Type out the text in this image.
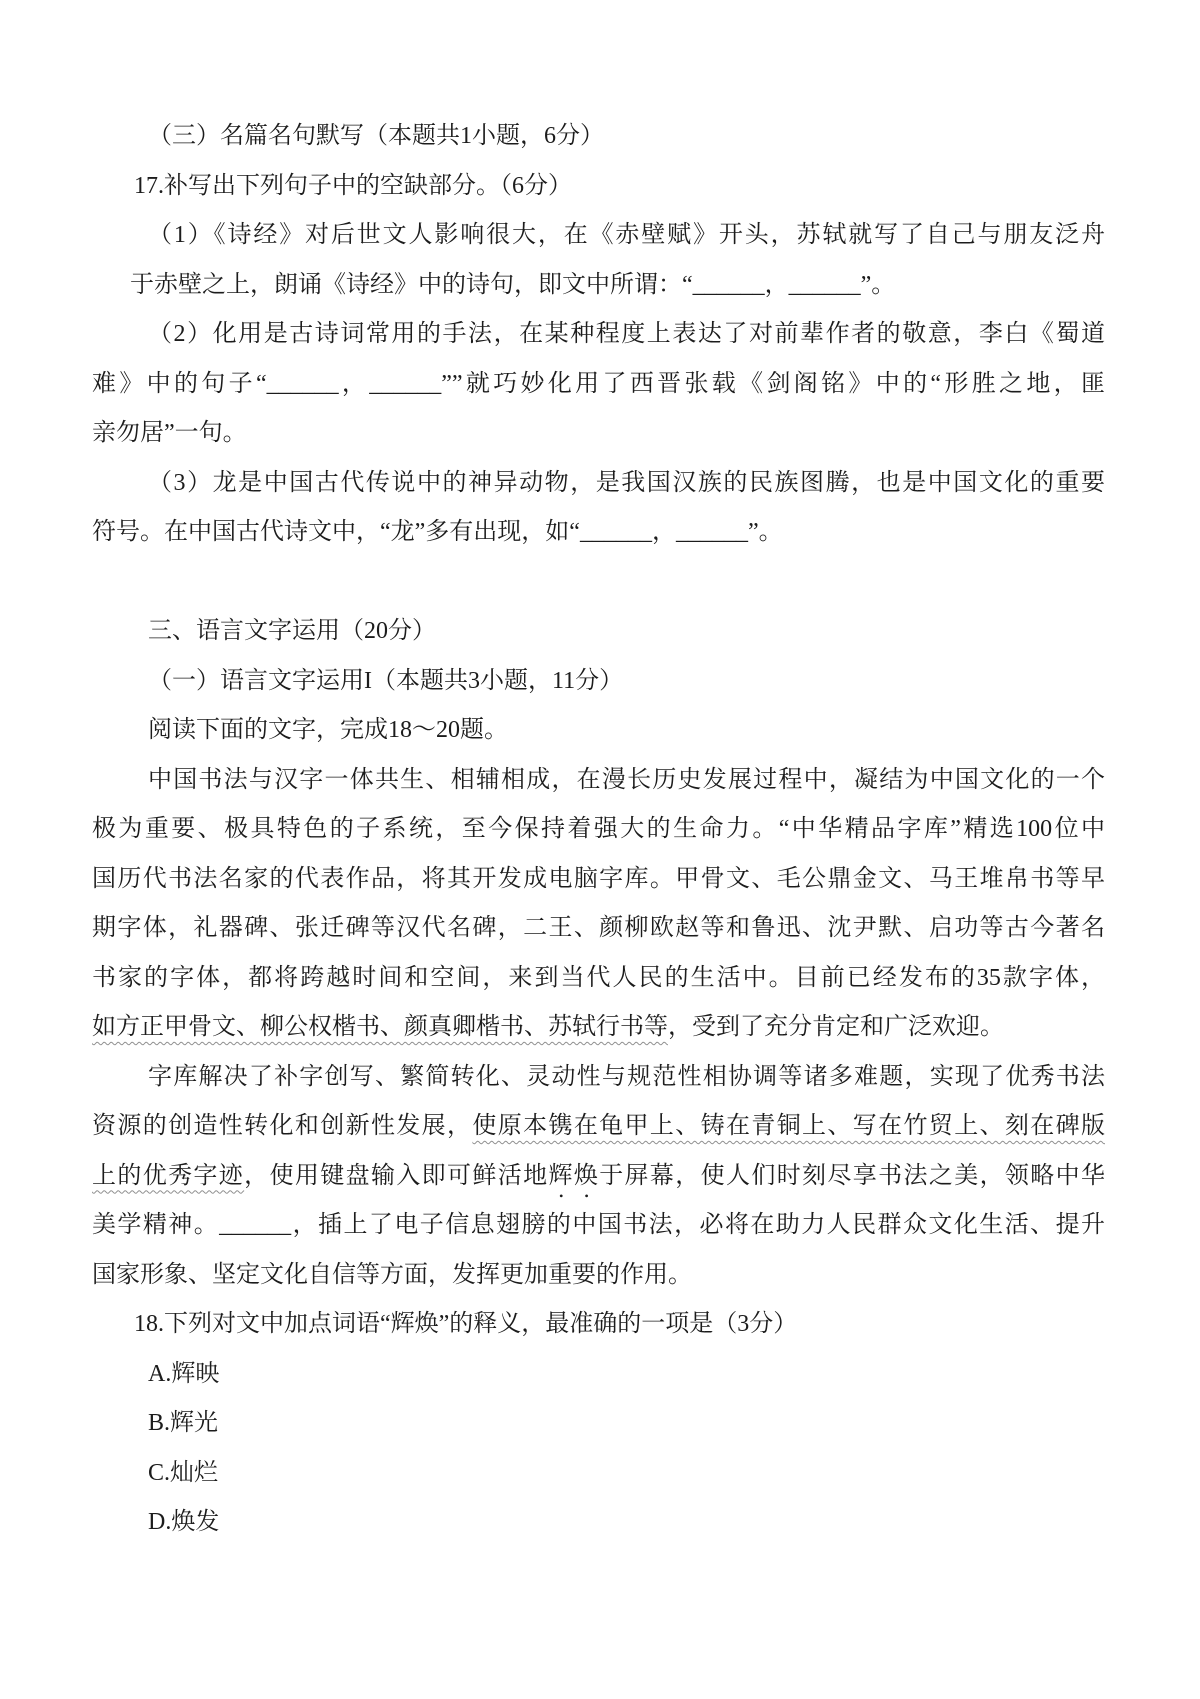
（三）名篇名句默写（本题共1小题，6分）
17.补写出下列句子中的空缺部分。（6分）
（1）《诗经》对后世文人影响很大，在《赤壁赋》开头，苏轼就写了自己与朋友泛舟
于赤壁之上，朗诵《诗经》中的诗句，即文中所谓：“______，______”。
（2）化用是古诗词常用的手法，在某种程度上表达了对前辈作者的敬意，李白《蜀道
难》中的句子“______，______””就巧妙化用了西晋张载《剑阁铭》中的“形胜之地，匪
亲勿居”一句。
（3）龙是中国古代传说中的神异动物，是我国汉族的民族图腾，也是中国文化的重要
符号。在中国古代诗文中，“龙”多有出现，如“______，______”。
三、语言文字运用（20分）
（一）语言文字运用I（本题共3小题，11分）
阅读下面的文字，完成18～20题。
中国书法与汉字一体共生、相辅相成，在漫长历史发展过程中，凝结为中国文化的一个
极为重要、极具特色的子系统，至今保持着强大的生命力。“中华精品字库”精选100位中
国历代书法名家的代表作品，将其开发成电脑字库。甲骨文、毛公鼎金文、马王堆帛书等早
期字体，礼器碑、张迁碑等汉代名碑，二王、颜柳欧赵等和鲁迅、沈尹默、启功等古今著名
书家的字体，都将跨越时间和空间，来到当代人民的生活中。目前已经发布的35款字体，
如方正甲骨文、柳公权楷书、颜真卿楷书、苏轼行书等，受到了充分肯定和广泛欢迎。
字库解决了补字创写、繁简转化、灵动性与规范性相协调等诸多难题，实现了优秀书法
资源的创造性转化和创新性发展，使原本镌在龟甲上、铸在青铜上、写在竹贸上、刻在碑版
上的优秀字迹，使用键盘输入即可鲜活地辉焕于屏幕，使人们时刻尽享书法之美，领略中华
美学精神。______，插上了电子信息翅膀的中国书法，必将在助力人民群众文化生活、提升
国家形象、坚定文化自信等方面，发挥更加重要的作用。
18.下列对文中加点词语“辉焕”的释义，最准确的一项是（3分）
A.辉映
B.辉光
C.灿烂
D.焕发
